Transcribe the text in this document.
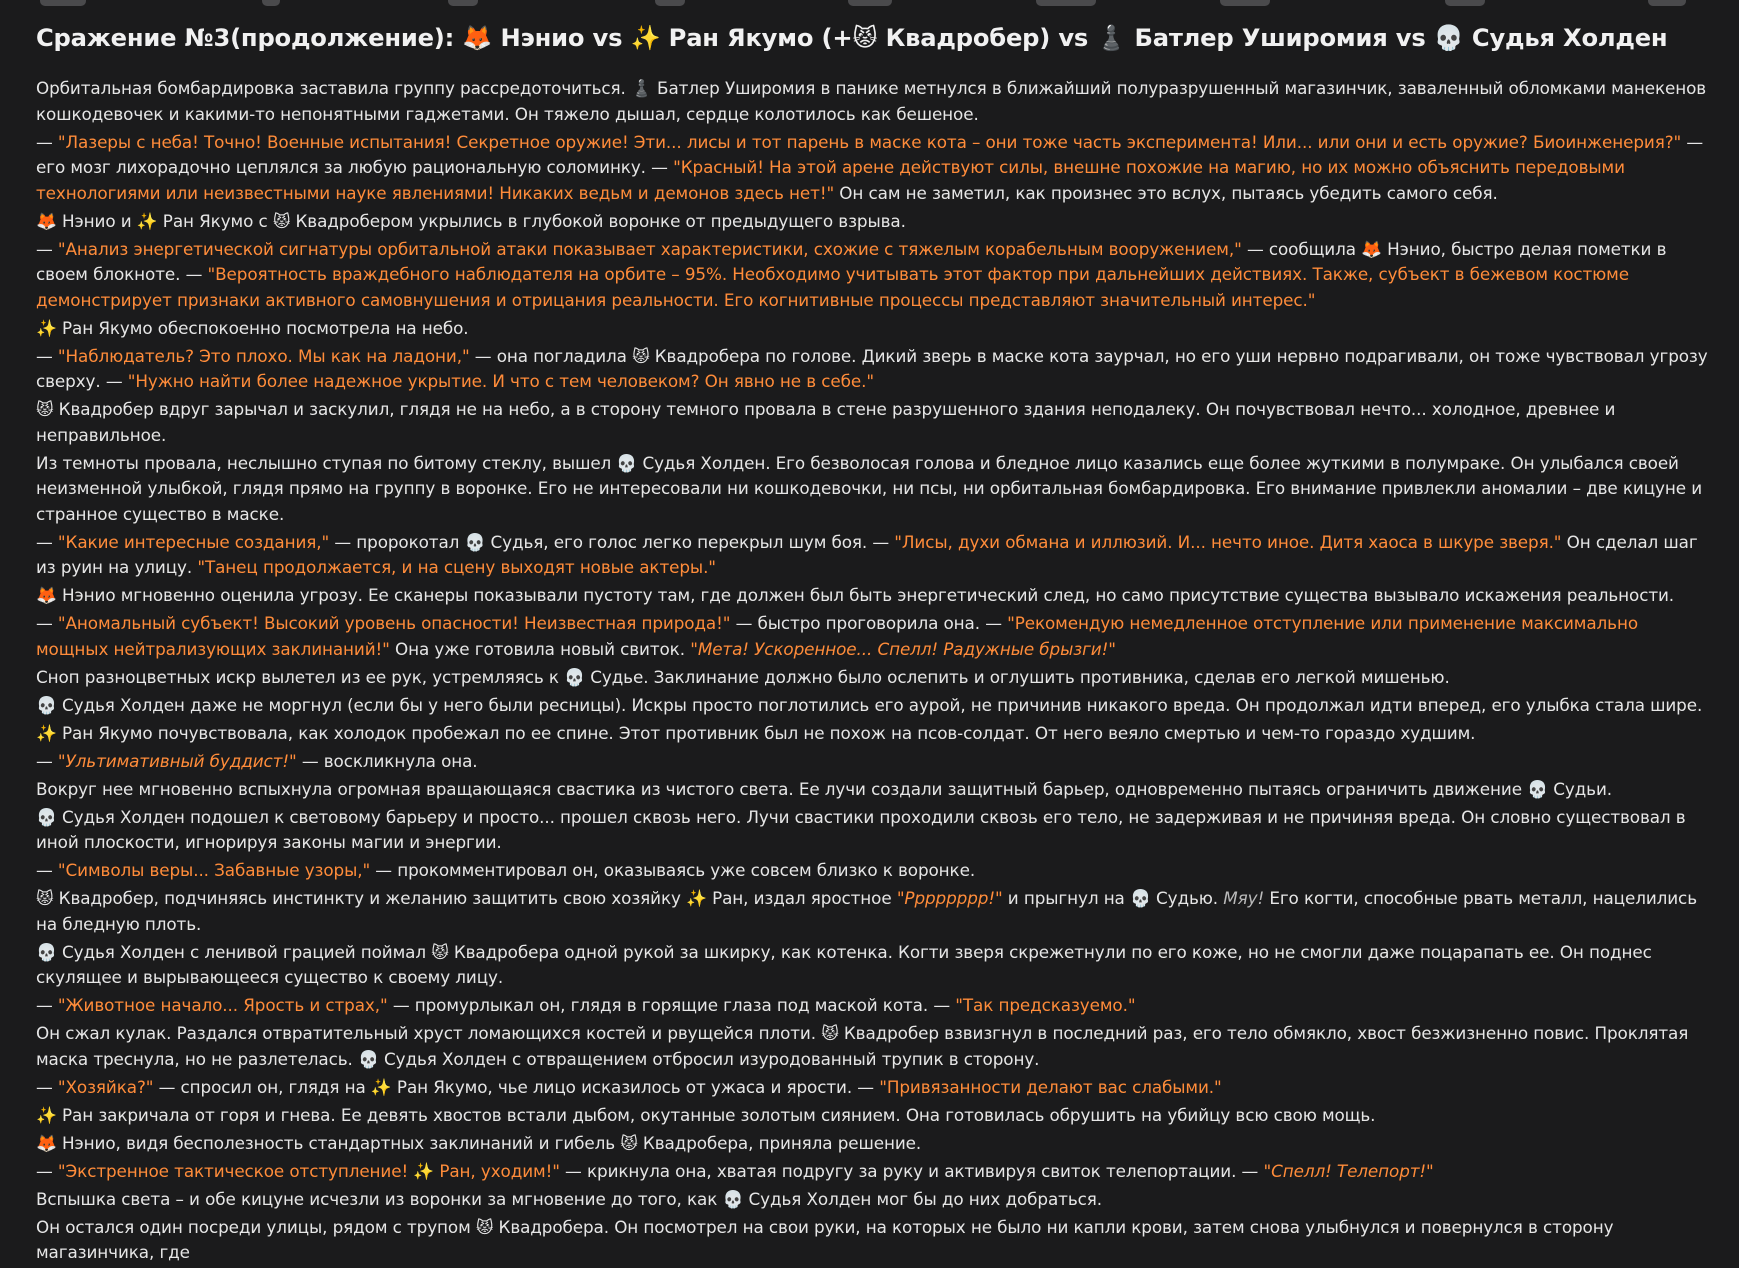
Сражение №3(продолжение): 🦊 Нэнио vs ✨ Ран Якумо (+😾 Квадробер) vs ♟️ Батлер Уширомия vs 💀 Судья Холден

Орбитальная бомбардировка заставила группу рассредоточиться. ♟️ Батлер Уширомия в панике метнулся в ближайший полуразрушенный магазинчик, заваленный обломками манекенов кошкодевочек и какими-то непонятными гаджетами. Он тяжело дышал, сердце колотилось как бешеное.

— "Лазеры с неба! Точно! Военные испытания! Секретное оружие! Эти... лисы и тот парень в маске кота – они тоже часть эксперимента! Или... или они и есть оружие? Биоинженерия?" — его мозг лихорадочно цеплялся за любую рациональную соломинку. — "Красный! На этой арене действуют силы, внешне похожие на магию, но их можно объяснить передовыми технологиями или неизвестными науке явлениями! Никаких ведьм и демонов здесь нет!" Он сам не заметил, как произнес это вслух, пытаясь убедить самого себя.

🦊 Нэнио и ✨ Ран Якумо с 😾 Квадробером укрылись в глубокой воронке от предыдущего взрыва.

— "Анализ энергетической сигнатуры орбитальной атаки показывает характеристики, схожие с тяжелым корабельным вооружением," — сообщила 🦊 Нэнио, быстро делая пометки в своем блокноте. — "Вероятность враждебного наблюдателя на орбите – 95%. Необходимо учитывать этот фактор при дальнейших действиях. Также, субъект в бежевом костюме демонстрирует признаки активного самовнушения и отрицания реальности. Его когнитивные процессы представляют значительный интерес."

✨ Ран Якумо обеспокоенно посмотрела на небо.

— "Наблюдатель? Это плохо. Мы как на ладони," — она погладила 😾 Квадробера по голове. Дикий зверь в маске кота заурчал, но его уши нервно подрагивали, он тоже чувствовал угрозу сверху. — "Нужно найти более надежное укрытие. И что с тем человеком? Он явно не в себе."

😾 Квадробер вдруг зарычал и заскулил, глядя не на небо, а в сторону темного провала в стене разрушенного здания неподалеку. Он почувствовал нечто... холодное, древнее и неправильное.

Из темноты провала, неслышно ступая по битому стеклу, вышел 💀 Судья Холден. Его безволосая голова и бледное лицо казались еще более жуткими в полумраке. Он улыбался своей неизменной улыбкой, глядя прямо на группу в воронке. Его не интересовали ни кошкодевочки, ни псы, ни орбитальная бомбардировка. Его внимание привлекли аномалии – две кицуне и странное существо в маске.

— "Какие интересные создания," — пророкотал 💀 Судья, его голос легко перекрыл шум боя. — "Лисы, духи обмана и иллюзий. И... нечто иное. Дитя хаоса в шкуре зверя." Он сделал шаг из руин на улицу. "Танец продолжается, и на сцену выходят новые актеры."

🦊 Нэнио мгновенно оценила угрозу. Ее сканеры показывали пустоту там, где должен был быть энергетический след, но само присутствие существа вызывало искажения реальности.

— "Аномальный субъект! Высокий уровень опасности! Неизвестная природа!" — быстро проговорила она. — "Рекомендую немедленное отступление или применение максимально мощных нейтрализующих заклинаний!" Она уже готовила новый свиток. "Мета! Ускоренное... Спелл! Радужные брызги!"

Сноп разноцветных искр вылетел из ее рук, устремляясь к 💀 Судье. Заклинание должно было ослепить и оглушить противника, сделав его легкой мишенью.

💀 Судья Холден даже не моргнул (если бы у него были ресницы). Искры просто поглотились его аурой, не причинив никакого вреда. Он продолжал идти вперед, его улыбка стала шире.

✨ Ран Якумо почувствовала, как холодок пробежал по ее спине. Этот противник был не похож на псов-солдат. От него веяло смертью и чем-то гораздо худшим.

— "Ультимативный буддист!" — воскликнула она.

Вокруг нее мгновенно вспыхнула огромная вращающаяся свастика из чистого света. Ее лучи создали защитный барьер, одновременно пытаясь ограничить движение 💀 Судьи.

💀 Судья Холден подошел к световому барьеру и просто... прошел сквозь него. Лучи свастики проходили сквозь его тело, не задерживая и не причиняя вреда. Он словно существовал в иной плоскости, игнорируя законы магии и энергии.

— "Символы веры... Забавные узоры," — прокомментировал он, оказываясь уже совсем близко к воронке.

😾 Квадробер, подчиняясь инстинкту и желанию защитить свою хозяйку ✨ Ран, издал яростное "Рррррррр!" и прыгнул на 💀 Судью. Мяу! Его когти, способные рвать металл, нацелились на бледную плоть.

💀 Судья Холден с ленивой грацией поймал 😾 Квадробера одной рукой за шкирку, как котенка. Когти зверя скрежетнули по его коже, но не смогли даже поцарапать ее. Он поднес скулящее и вырывающееся существо к своему лицу.

— "Животное начало... Ярость и страх," — промурлыкал он, глядя в горящие глаза под маской кота. — "Так предсказуемо."

Он сжал кулак. Раздался отвратительный хруст ломающихся костей и рвущейся плоти. 😾 Квадробер взвизгнул в последний раз, его тело обмякло, хвост безжизненно повис. Проклятая маска треснула, но не разлетелась. 💀 Судья Холден с отвращением отбросил изуродованный трупик в сторону.

— "Хозяйка?" — спросил он, глядя на ✨ Ран Якумо, чье лицо исказилось от ужаса и ярости. — "Привязанности делают вас слабыми."

✨ Ран закричала от горя и гнева. Ее девять хвостов встали дыбом, окутанные золотым сиянием. Она готовилась обрушить на убийцу всю свою мощь.

🦊 Нэнио, видя бесполезность стандартных заклинаний и гибель 😾 Квадробера, приняла решение.

— "Экстренное тактическое отступление! ✨ Ран, уходим!" — крикнула она, хватая подругу за руку и активируя свиток телепортации. — "Спелл! Телепорт!"

Вспышка света – и обе кицуне исчезли из воронки за мгновение до того, как 💀 Судья Холден мог бы до них добраться.

Он остался один посреди улицы, рядом с трупом 😾 Квадробера. Он посмотрел на свои руки, на которых не было ни капли крови, затем снова улыбнулся и повернулся в сторону магазинчика, где
